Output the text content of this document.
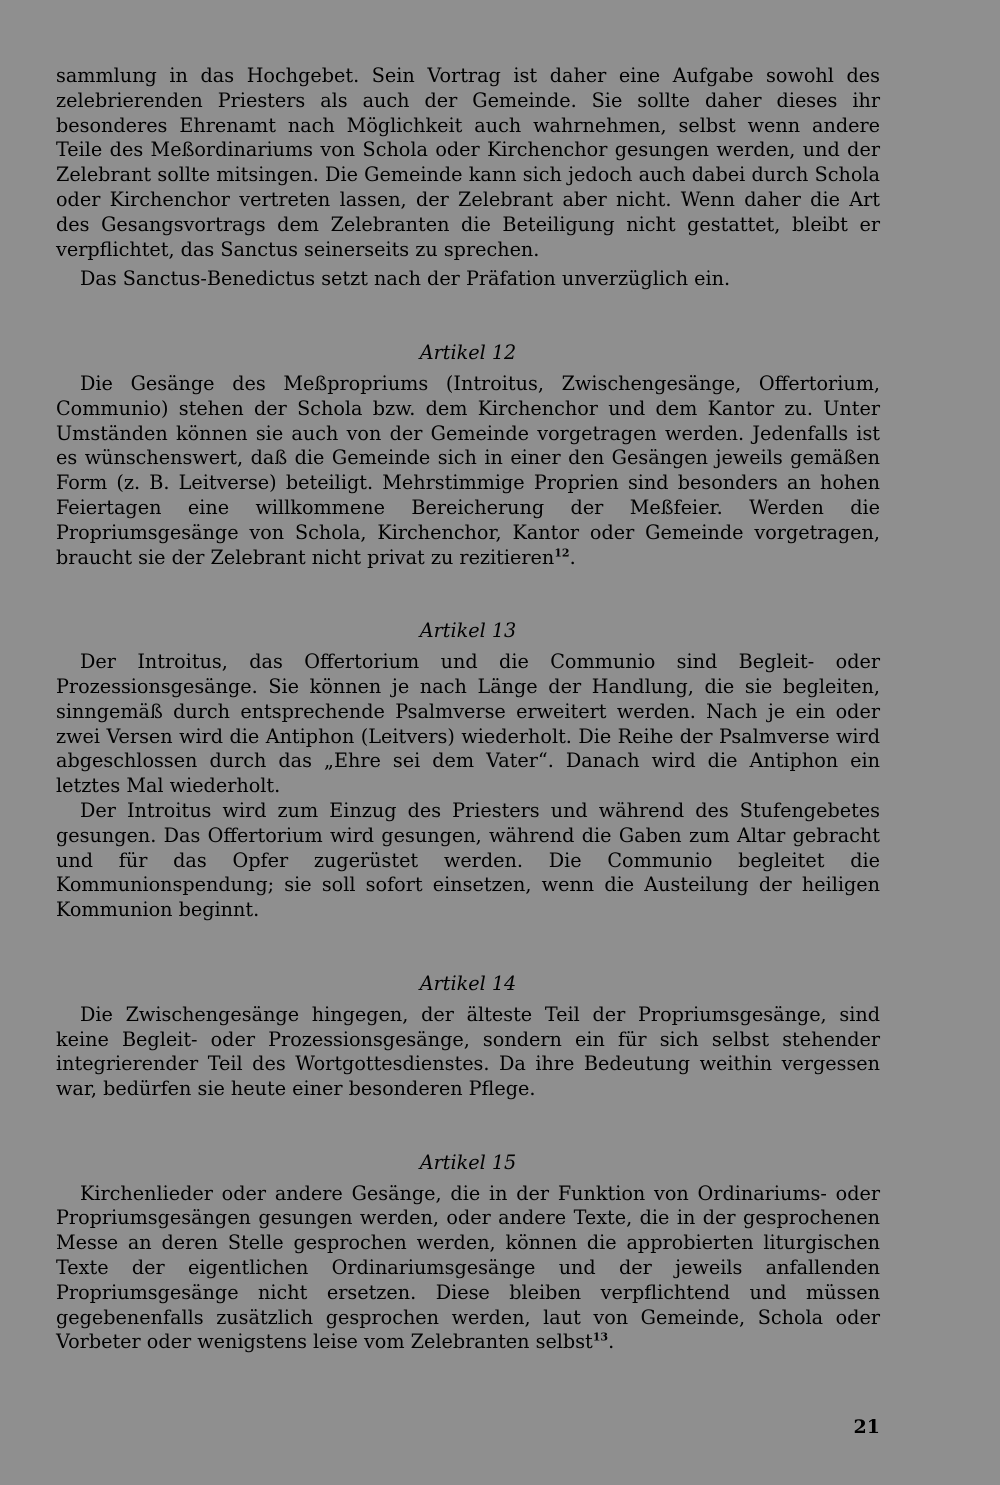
sammlung in das Hochgebet. Sein Vortrag ist daher eine Aufgabe sowohl des zelebrierenden Priesters als auch der Gemeinde. Sie sollte daher dieses ihr besonderes Ehrenamt nach Möglichkeit auch wahrnehmen, selbst wenn andere Teile des Meßordinariums von Schola oder Kirchenchor gesungen werden, und der Zelebrant sollte mitsingen. Die Gemeinde kann sich jedoch auch dabei durch Schola oder Kirchenchor vertreten lassen, der Zelebrant aber nicht. Wenn daher die Art des Gesangsvortrags dem Zelebranten die Beteiligung nicht gestattet, bleibt er verpflichtet, das Sanctus seinerseits zu sprechen.

Das Sanctus-Benedictus setzt nach der Präfation unverzüglich ein.

Artikel 12

Die Gesänge des Meßpropriums (Introitus, Zwischengesänge, Offertorium, Communio) stehen der Schola bzw. dem Kirchenchor und dem Kantor zu. Unter Umständen können sie auch von der Gemeinde vorgetragen werden. Jedenfalls ist es wünschenswert, daß die Gemeinde sich in einer den Gesängen jeweils gemäßen Form (z. B. Leitverse) beteiligt. Mehrstimmige Proprien sind besonders an hohen Feiertagen eine willkommene Bereicherung der Meßfeier. Werden die Propriumsgesänge von Schola, Kirchenchor, Kantor oder Gemeinde vorgetragen, braucht sie der Zelebrant nicht privat zu rezitieren$^{12}$.

Artikel 13

Der Introitus, das Offertorium und die Communio sind Begleit- oder Prozessionsgesänge. Sie können je nach Länge der Handlung, die sie begleiten, sinngemäß durch entsprechende Psalmverse erweitert werden. Nach je ein oder zwei Versen wird die Antiphon (Leitvers) wiederholt. Die Reihe der Psalmverse wird abgeschlossen durch das „Ehre sei dem Vater“. Danach wird die Antiphon ein letztes Mal wiederholt.

Der Introitus wird zum Einzug des Priesters und während des Stufengebetes gesungen. Das Offertorium wird gesungen, während die Gaben zum Altar gebracht und für das Opfer zugerüstet werden. Die Communio begleitet die Kommunionspendung; sie soll sofort einsetzen, wenn die Austeilung der heiligen Kommunion beginnt.

Artikel 14

Die Zwischengesänge hingegen, der älteste Teil der Propriumsgesänge, sind keine Begleit- oder Prozessionsgesänge, sondern ein für sich selbst stehender integrierender Teil des Wortgottesdienstes. Da ihre Bedeutung weithin vergessen war, bedürfen sie heute einer besonderen Pflege.

Artikel 15

Kirchenlieder oder andere Gesänge, die in der Funktion von Ordinariums- oder Propriumsgesängen gesungen werden, oder andere Texte, die in der gesprochenen Messe an deren Stelle gesprochen werden, können die approbierten liturgischen Texte der eigentlichen Ordinariumsgesänge und der jeweils anfallenden Propriumsgesänge nicht ersetzen. Diese bleiben verpflichtend und müssen gegebenenfalls zusätzlich gesprochen werden, laut von Gemeinde, Schola oder Vorbeter oder wenigstens leise vom Zelebranten selbst$^{13}$.

21
